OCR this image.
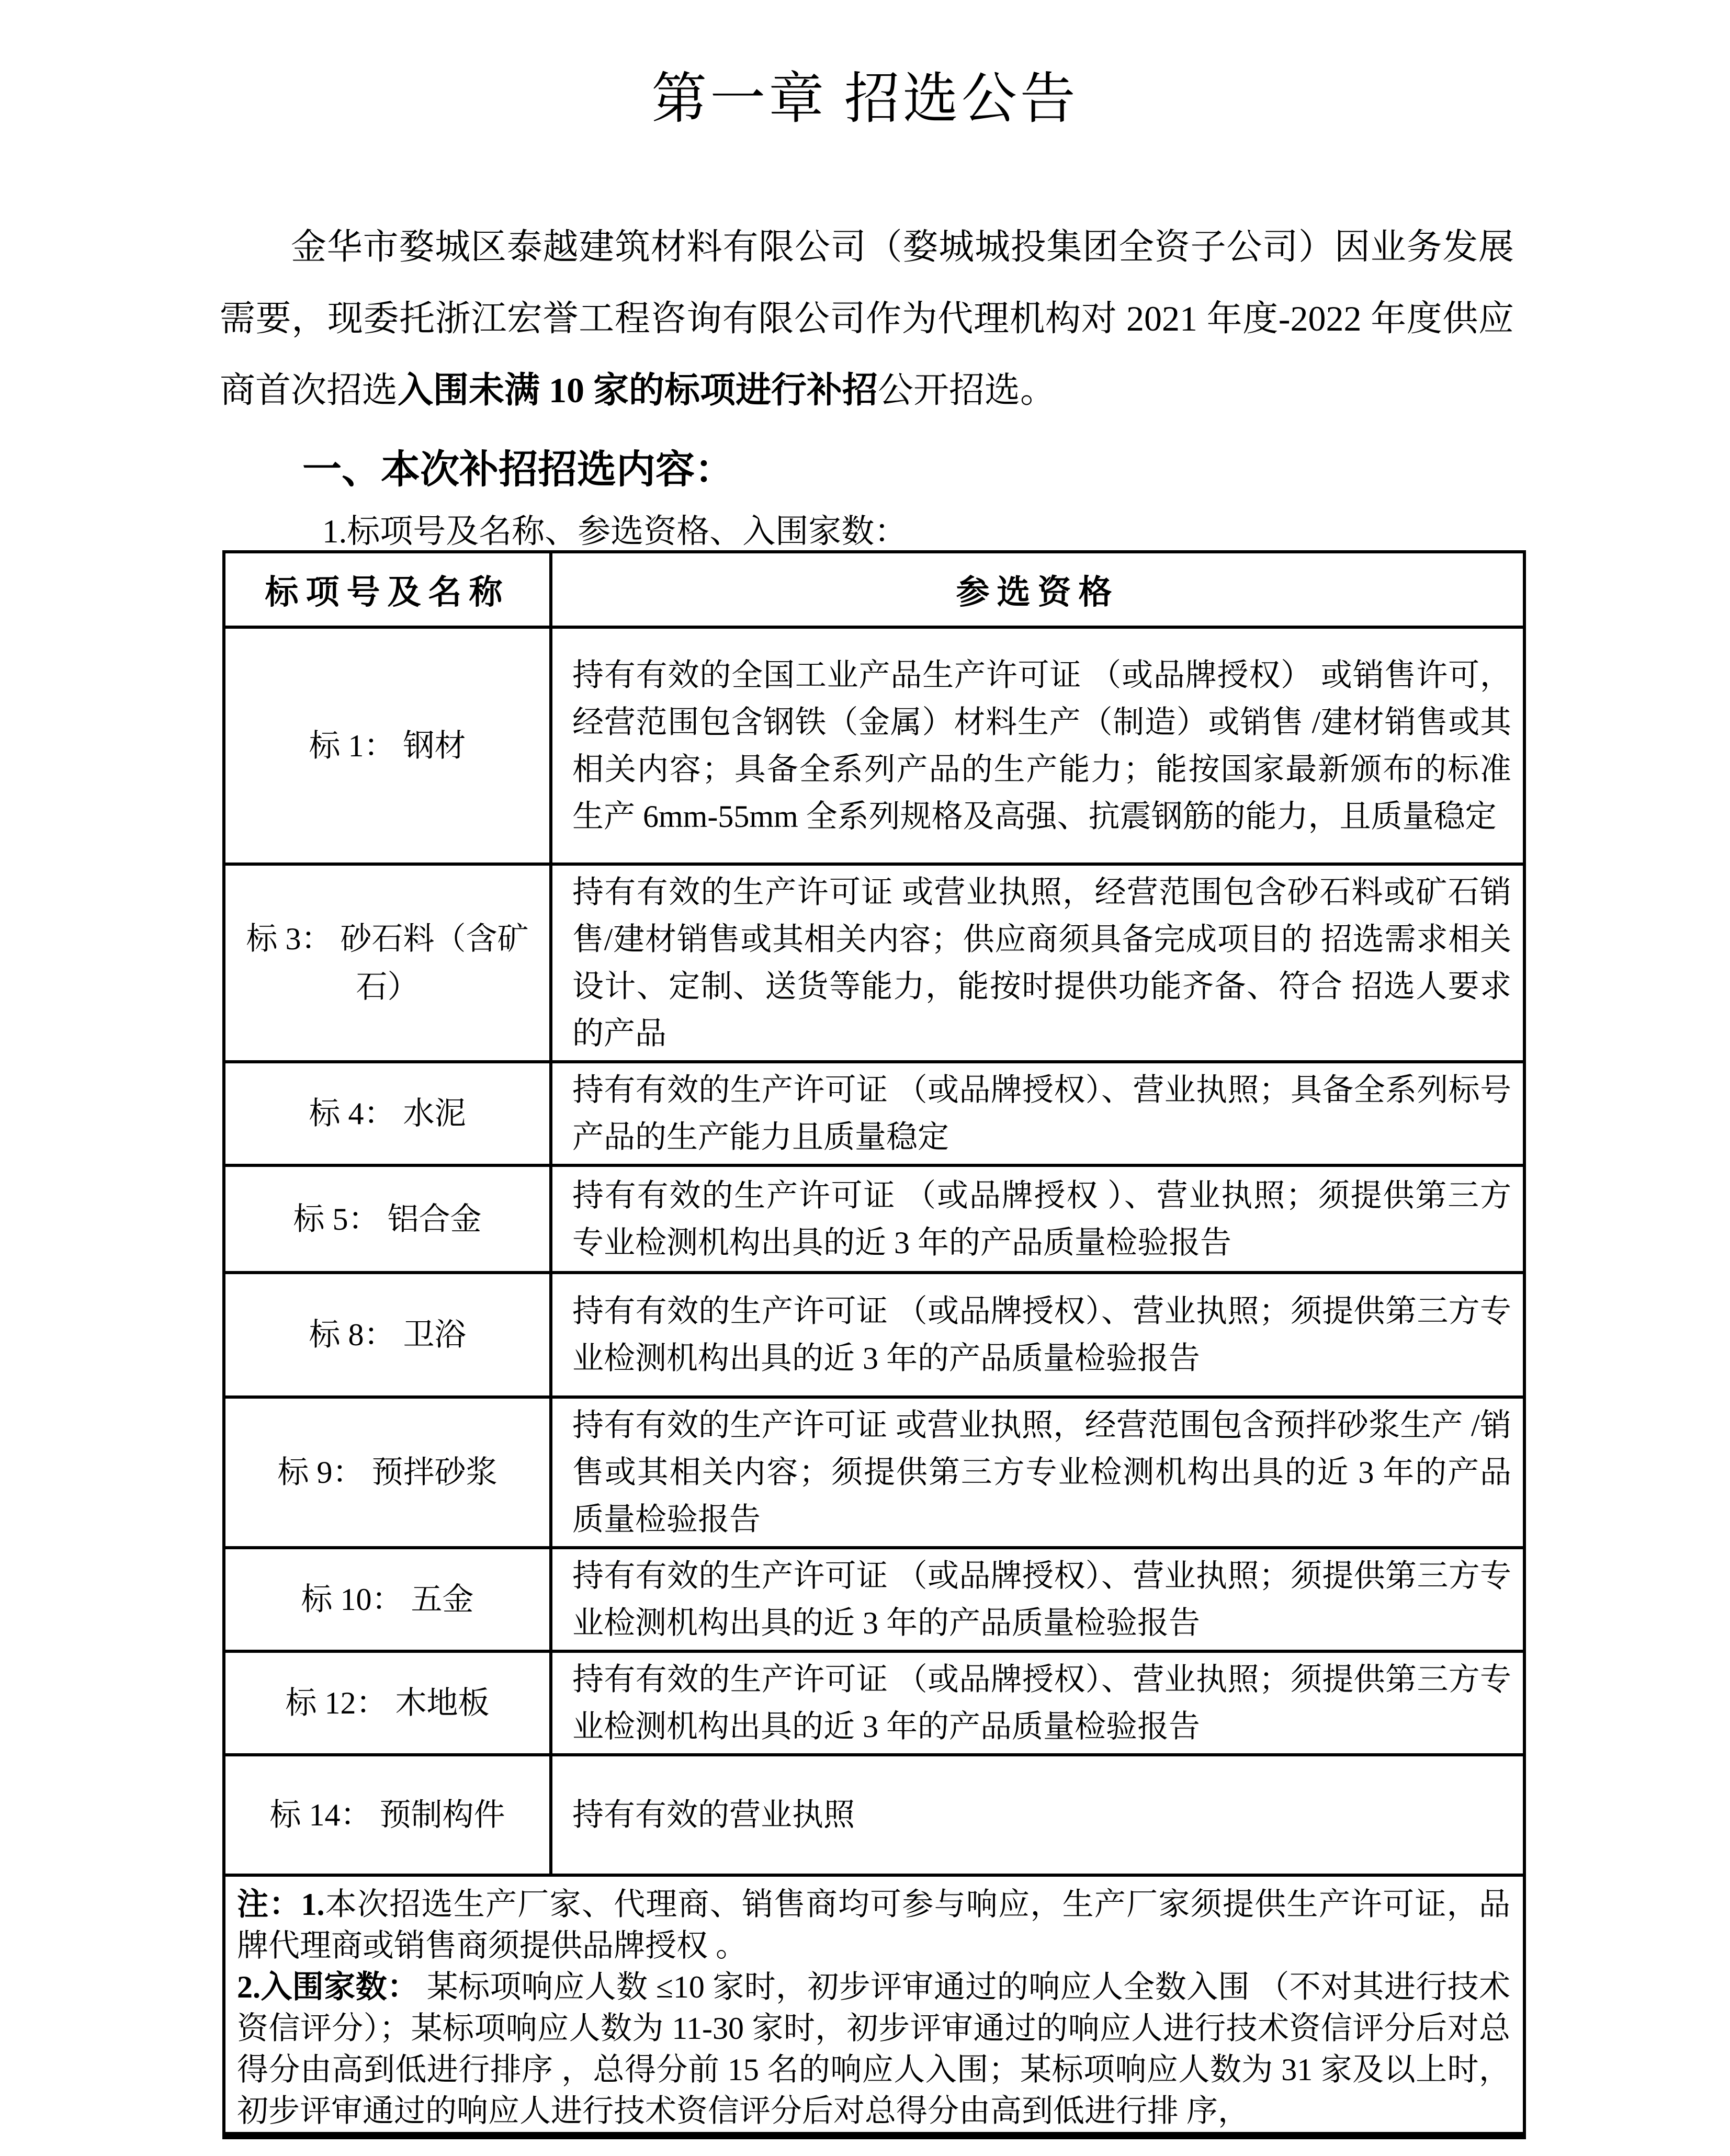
第一章 招选公告

金华市婺城区泰越建筑材料有限公司（婺城城投集团全资子公司）因业务发展需要，现委托浙江宏誉工程咨询有限公司作为代理机构对 2021 年度-2022 年度供应商首次招选入围未满 10 家的标项进行补招公开招选。

一、本次补招招选内容：

1.标项号及名称、参选资格、入围家数：

标项号及名称	参选资格
标 1： 钢材	持有有效的全国工业产品生产许可证 （或品牌授权） 或销售许可，经营范围包含钢铁（金属）材料生产（制造）或销售 /建材销售或其相关内容；具备全系列产品的生产能力；能按国家最新颁布的标准生产 6mm-55mm 全系列规格及高强、抗震钢筋的能力，且质量稳定
标 3： 砂石料（含矿石）	持有有效的生产许可证 或营业执照，经营范围包含砂石料或矿石销售/建材销售或其相关内容；供应商须具备完成项目的 招选需求相关设计、定制、送货等能力，能按时提供功能齐备、符合 招选人要求的产品
标 4： 水泥	持有有效的生产许可证 （或品牌授权）、营业执照；具备全系列标号产品的生产能力且质量稳定
标 5： 铝合金	持有有效的生产许可证 （或品牌授权 ）、营业执照；须提供第三方专业检测机构出具的近 3 年的产品质量检验报告
标 8： 卫浴	持有有效的生产许可证 （或品牌授权）、营业执照；须提供第三方专业检测机构出具的近 3 年的产品质量检验报告
标 9： 预拌砂浆	持有有效的生产许可证 或营业执照，经营范围包含预拌砂浆生产 /销售或其相关内容；须提供第三方专业检测机构出具的近 3 年的产品质量检验报告
标 10： 五金	持有有效的生产许可证 （或品牌授权）、营业执照；须提供第三方专业检测机构出具的近 3 年的产品质量检验报告
标 12： 木地板	持有有效的生产许可证 （或品牌授权）、营业执照；须提供第三方专业检测机构出具的近 3 年的产品质量检验报告
标 14： 预制构件	持有有效的营业执照
注：1.本次招选生产厂家、代理商、销售商均可参与响应，生产厂家须提供生产许可证，品牌代理商或销售商须提供品牌授权 。
2.入围家数： 某标项响应人数 ≤10 家时，初步评审通过的响应人全数入围 （不对其进行技术资信评分）；某标项响应人数为 11-30 家时，初步评审通过的响应人进行技术资信评分后对总得分由高到低进行排序 ，总得分前 15 名的响应人入围；某标项响应人数为 31 家及以上时，初步评审通过的响应人进行技术资信评分后对总得分由高到低进行排 序，	
